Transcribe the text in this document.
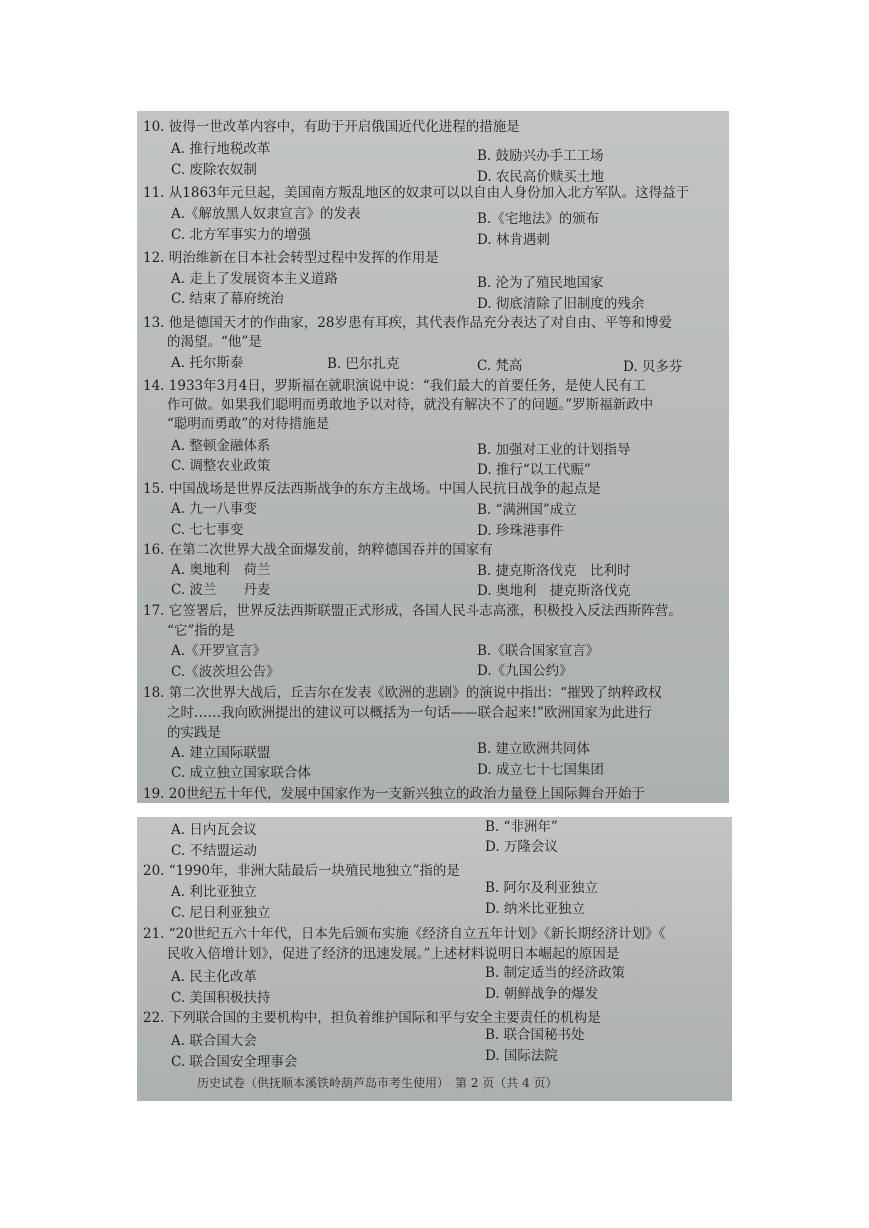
10. 彼得一世改革内容中，有助于开启俄国近代化进程的措施是
A. 推行地税改革	B. 鼓励兴办手工工场
C. 废除农奴制	D. 农民高价赎买土地
11. 从1863年元旦起，美国南方叛乱地区的奴隶可以以自由人身份加入北方军队。这得益于
A.《解放黑人奴隶宣言》的发表	B.《宅地法》的颁布
C. 北方军事实力的增强	D. 林肯遇刺
12. 明治维新在日本社会转型过程中发挥的作用是
A. 走上了发展资本主义道路	B. 沦为了殖民地国家
C. 结束了幕府统治	D. 彻底清除了旧制度的残余
13. 他是德国天才的作曲家，28岁患有耳疾，其代表作品充分表达了对自由、平等和博爱
的渴望。“他”是
A. 托尔斯泰	B. 巴尔扎克	C. 梵高	D. 贝多芬
14. 1933年3月4日，罗斯福在就职演说中说：“我们最大的首要任务，是使人民有工
作可做。如果我们聪明而勇敢地予以对待，就没有解决不了的问题。”罗斯福新政中
“聪明而勇敢”的对待措施是
A. 整顿金融体系	B. 加强对工业的计划指导
C. 调整农业政策	D. 推行“以工代赈”
15. 中国战场是世界反法西斯战争的东方主战场。中国人民抗日战争的起点是
A. 九一八事变	B. “满洲国”成立
C. 七七事变	D. 珍珠港事件
16. 在第二次世界大战全面爆发前，纳粹德国吞并的国家有
A. 奥地利　荷兰	B. 捷克斯洛伐克　比利时
C. 波兰　　丹麦	D. 奥地利　捷克斯洛伐克
17. 它签署后，世界反法西斯联盟正式形成，各国人民斗志高涨，积极投入反法西斯阵营。
“它”指的是
A.《开罗宣言》	B.《联合国家宣言》
C.《波茨坦公告》	D.《九国公约》
18. 第二次世界大战后，丘吉尔在发表《欧洲的悲剧》的演说中指出：“摧毁了纳粹政权
之时……我向欧洲提出的建议可以概括为一句话——联合起来!”欧洲国家为此进行
的实践是
A. 建立国际联盟	B. 建立欧洲共同体
C. 成立独立国家联合体	D. 成立七十七国集团
19. 20世纪五十年代，发展中国家作为一支新兴独立的政治力量登上国际舞台开始于
A. 日内瓦会议	B. “非洲年”
C. 不结盟运动	D. 万隆会议
20. “1990年，非洲大陆最后一块殖民地独立”指的是
A. 利比亚独立	B. 阿尔及利亚独立
C. 尼日利亚独立	D. 纳米比亚独立
21. “20世纪五六十年代，日本先后颁布实施《经济自立五年计划》《新长期经济计划》《
民收入倍增计划》，促进了经济的迅速发展。”上述材料说明日本崛起的原因是
A. 民主化改革	B. 制定适当的经济政策
C. 美国积极扶持	D. 朝鲜战争的爆发
22. 下列联合国的主要机构中，担负着维护国际和平与安全主要责任的机构是
A. 联合国大会	B. 联合国秘书处
C. 联合国安全理事会	D. 国际法院
历史试卷（供抚顺本溪铁岭葫芦岛市考生使用）　第 2 页（共 4 页）
